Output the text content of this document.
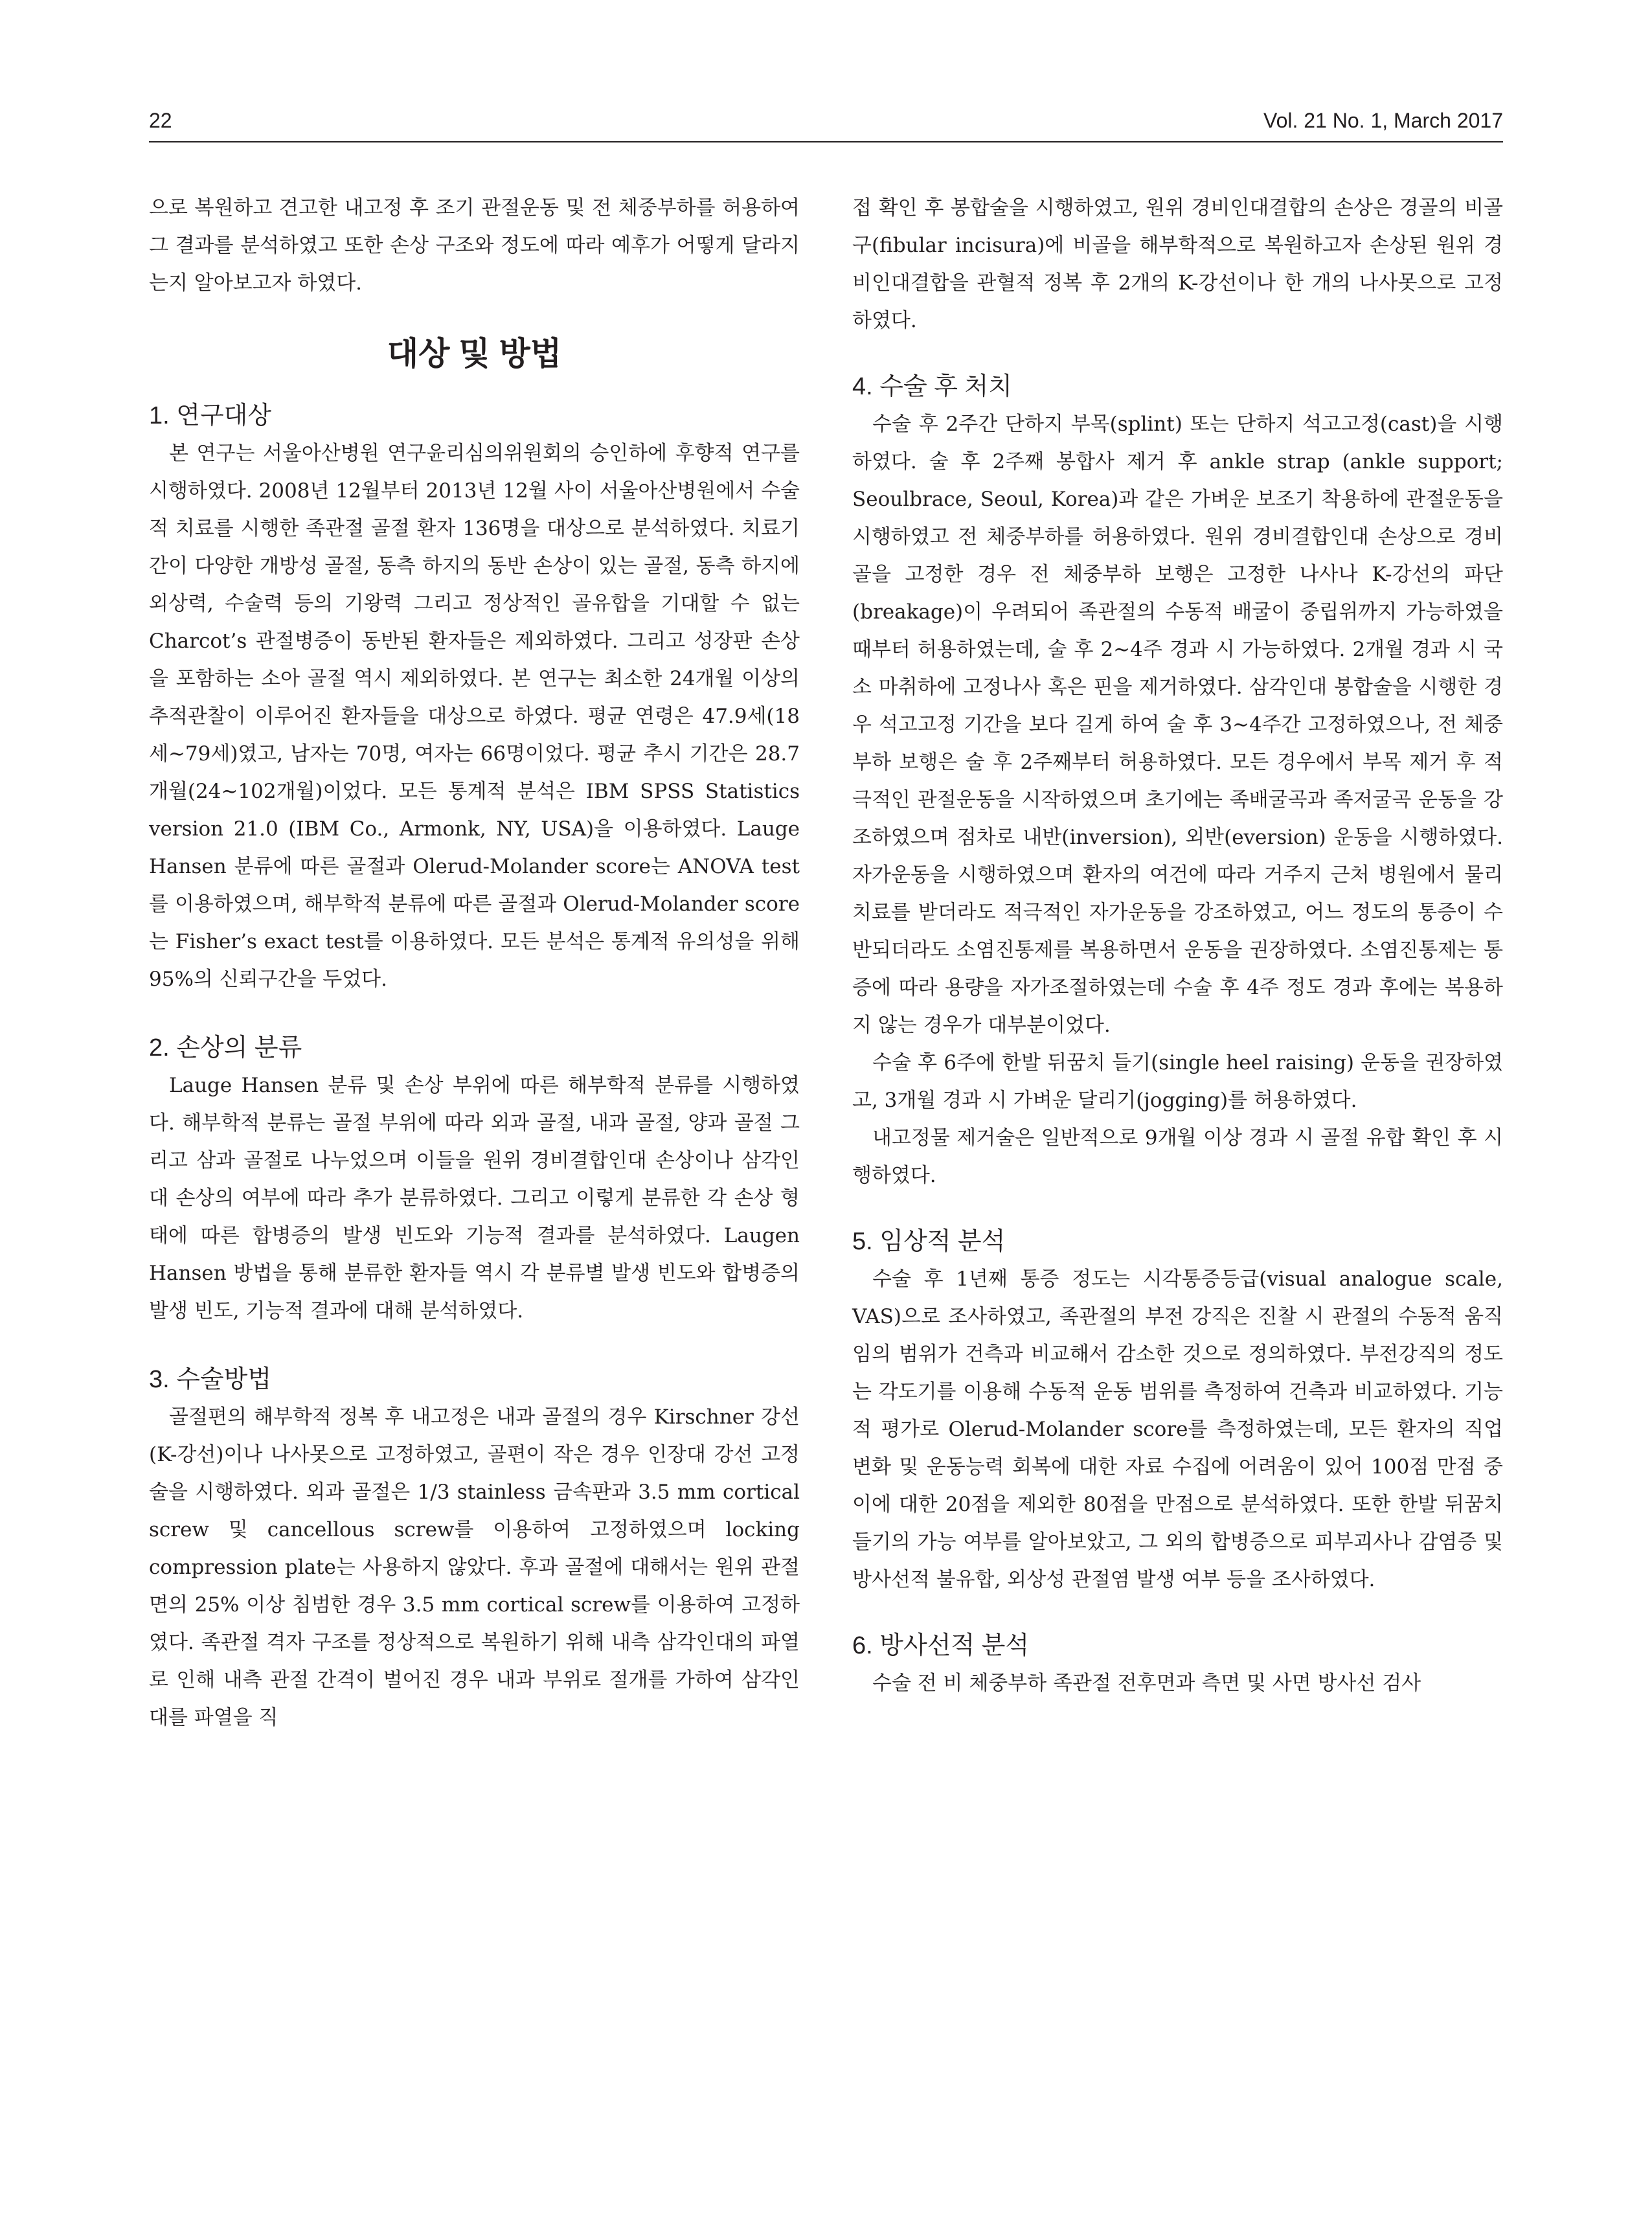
22	Vol. 21 No. 1, March 2017

으로 복원하고 견고한 내고정 후 조기 관절운동 및 전 체중부하를 허용하여 그 결과를 분석하였고 또한 손상 구조와 정도에 따라 예후가 어떻게 달라지는지 알아보고자 하였다.

대상 및 방법
1. 연구대상

본 연구는 서울아산병원 연구윤리심의위원회의 승인하에 후향적 연구를 시행하였다. 2008년 12월부터 2013년 12월 사이 서울아산병원에서 수술적 치료를 시행한 족관절 골절 환자 136명을 대상으로 분석하였다. 치료기간이 다양한 개방성 골절, 동측 하지의 동반 손상이 있는 골절, 동측 하지에 외상력, 수술력 등의 기왕력 그리고 정상적인 골유합을 기대할 수 없는 Charcot’s 관절병증이 동반된 환자들은 제외하였다. 그리고 성장판 손상을 포함하는 소아 골절 역시 제외하였다. 본 연구는 최소한 24개월 이상의 추적관찰이 이루어진 환자들을 대상으로 하였다. 평균 연령은 47.9세(18세∼79세)였고, 남자는 70명, 여자는 66명이었다. 평균 추시 기간은 28.7개월(24∼102개월)이었다. 모든 통계적 분석은 IBM SPSS Statistics version 21.0 (IBM Co., Armonk, NY, USA)을 이용하였다. Lauge Hansen 분류에 따른 골절과 Olerud-Molander score는 ANOVA test를 이용하였으며, 해부학적 분류에 따른 골절과 Olerud-Molander score는 Fisher’s exact test를 이용하였다. 모든 분석은 통계적 유의성을 위해 95%의 신뢰구간을 두었다.

2. 손상의 분류

Lauge Hansen 분류 및 손상 부위에 따른 해부학적 분류를 시행하였다. 해부학적 분류는 골절 부위에 따라 외과 골절, 내과 골절, 양과 골절 그리고 삼과 골절로 나누었으며 이들을 원위 경비결합인대 손상이나 삼각인대 손상의 여부에 따라 추가 분류하였다. 그리고 이렇게 분류한 각 손상 형태에 따른 합병증의 발생 빈도와 기능적 결과를 분석하였다. Laugen Hansen 방법을 통해 분류한 환자들 역시 각 분류별 발생 빈도와 합병증의 발생 빈도, 기능적 결과에 대해 분석하였다.

3. 수술방법

골절편의 해부학적 정복 후 내고정은 내과 골절의 경우 Kirschner 강선(K-강선)이나 나사못으로 고정하였고, 골편이 작은 경우 인장대 강선 고정술을 시행하였다. 외과 골절은 1/3 stainless 금속판과 3.5 mm cortical screw 및 cancellous screw를 이용하여 고정하였으며 locking compression plate는 사용하지 않았다. 후과 골절에 대해서는 원위 관절면의 25% 이상 침범한 경우 3.5 mm cortical screw를 이용하여 고정하였다. 족관절 격자 구조를 정상적으로 복원하기 위해 내측 삼각인대의 파열로 인해 내측 관절 간격이 벌어진 경우 내과 부위로 절개를 가하여 삼각인대를 파열을 직

접 확인 후 봉합술을 시행하였고, 원위 경비인대결합의 손상은 경골의 비골 구(fibular incisura)에 비골을 해부학적으로 복원하고자 손상된 원위 경비인대결합을 관혈적 정복 후 2개의 K-강선이나 한 개의 나사못으로 고정하였다.

4. 수술 후 처치

수술 후 2주간 단하지 부목(splint) 또는 단하지 석고고정(cast)을 시행하였다. 술 후 2주째 봉합사 제거 후 ankle strap (ankle support; Seoulbrace, Seoul, Korea)과 같은 가벼운 보조기 착용하에 관절운동을 시행하였고 전 체중부하를 허용하였다. 원위 경비결합인대 손상으로 경비골을 고정한 경우 전 체중부하 보행은 고정한 나사나 K-강선의 파단(breakage)이 우려되어 족관절의 수동적 배굴이 중립위까지 가능하였을 때부터 허용하였는데, 술 후 2∼4주 경과 시 가능하였다. 2개월 경과 시 국소 마취하에 고정나사 혹은 핀을 제거하였다. 삼각인대 봉합술을 시행한 경우 석고고정 기간을 보다 길게 하여 술 후 3∼4주간 고정하였으나, 전 체중부하 보행은 술 후 2주째부터 허용하였다. 모든 경우에서 부목 제거 후 적극적인 관절운동을 시작하였으며 초기에는 족배굴곡과 족저굴곡 운동을 강조하였으며 점차로 내반(inversion), 외반(eversion) 운동을 시행하였다. 자가운동을 시행하였으며 환자의 여건에 따라 거주지 근처 병원에서 물리치료를 받더라도 적극적인 자가운동을 강조하였고, 어느 정도의 통증이 수반되더라도 소염진통제를 복용하면서 운동을 권장하였다. 소염진통제는 통증에 따라 용량을 자가조절하였는데 수술 후 4주 정도 경과 후에는 복용하지 않는 경우가 대부분이었다.

수술 후 6주에 한발 뒤꿈치 들기(single heel raising) 운동을 권장하였고, 3개월 경과 시 가벼운 달리기(jogging)를 허용하였다.

내고정물 제거술은 일반적으로 9개월 이상 경과 시 골절 유합 확인 후 시행하였다.

5. 임상적 분석

수술 후 1년째 통증 정도는 시각통증등급(visual analogue scale, VAS)으로 조사하였고, 족관절의 부전 강직은 진찰 시 관절의 수동적 움직임의 범위가 건측과 비교해서 감소한 것으로 정의하였다. 부전강직의 정도는 각도기를 이용해 수동적 운동 범위를 측정하여 건측과 비교하였다. 기능적 평가로 Olerud-Molander score를 측정하였는데, 모든 환자의 직업 변화 및 운동능력 회복에 대한 자료 수집에 어려움이 있어 100점 만점 중 이에 대한 20점을 제외한 80점을 만점으로 분석하였다. 또한 한발 뒤꿈치 들기의 가능 여부를 알아보았고, 그 외의 합병증으로 피부괴사나 감염증 및 방사선적 불유합, 외상성 관절염 발생 여부 등을 조사하였다.

6. 방사선적 분석

수술 전 비 체중부하 족관절 전후면과 측면 및 사면 방사선 검사
